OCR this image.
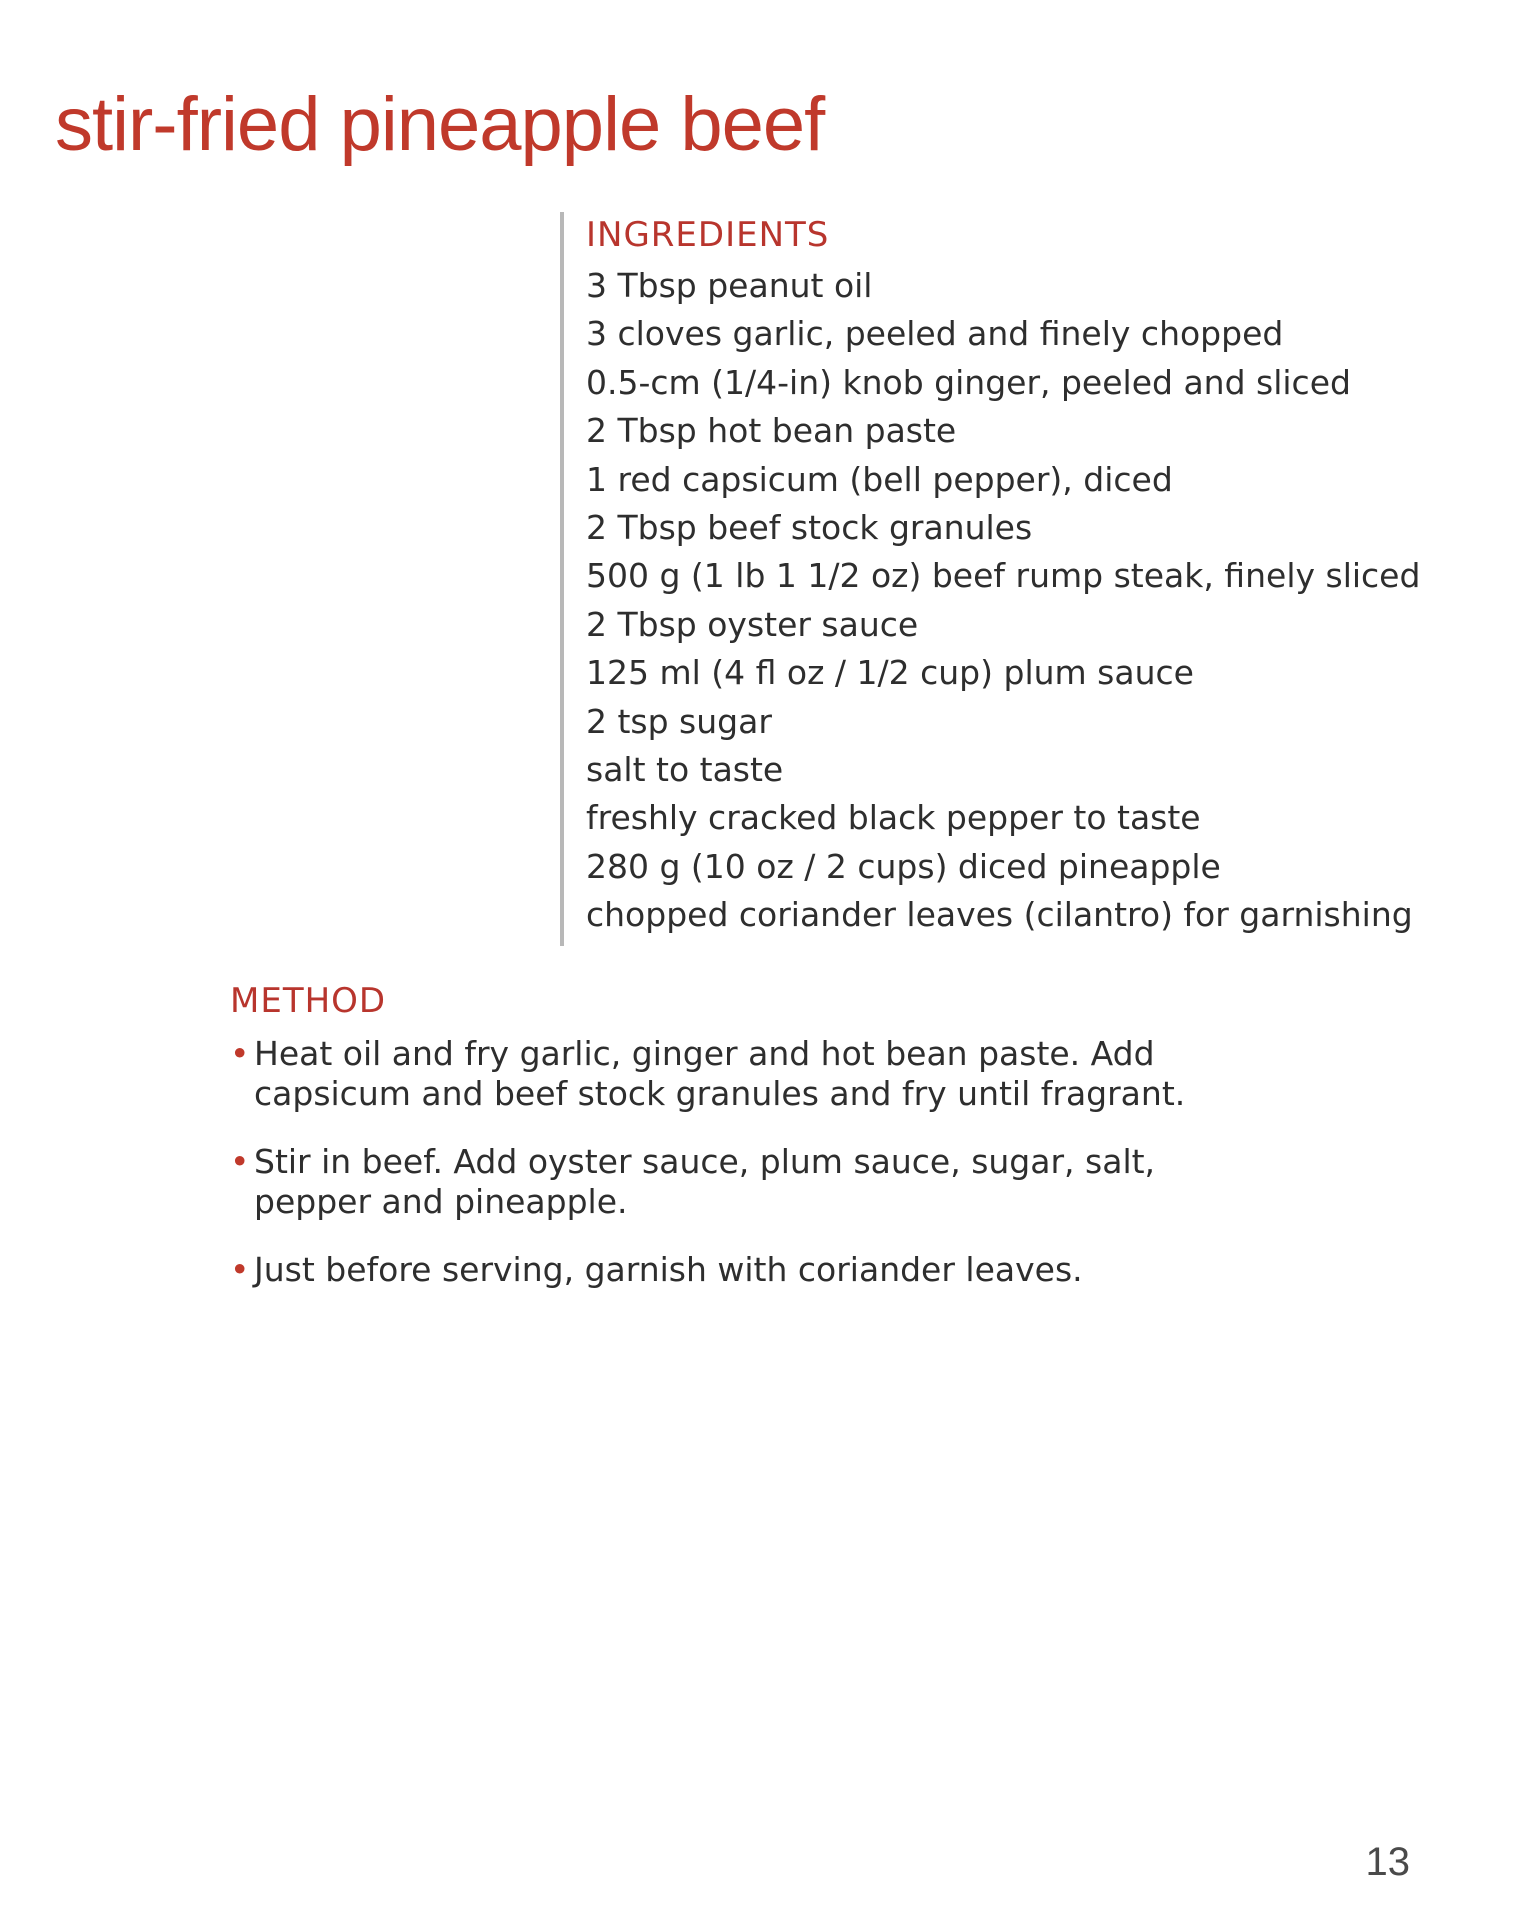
stir-fried pineapple beef
INGREDIENTS
3 Tbsp peanut oil
3 cloves garlic, peeled and finely chopped
0.5-cm (1/4-in) knob ginger, peeled and sliced
2 Tbsp hot bean paste
1 red capsicum (bell pepper), diced
2 Tbsp beef stock granules
500 g (1 lb 1 1/2 oz) beef rump steak, finely sliced
2 Tbsp oyster sauce
125 ml (4 fl oz / 1/2 cup) plum sauce
2 tsp sugar
salt to taste
freshly cracked black pepper to taste
280 g (10 oz / 2 cups) diced pineapple
chopped coriander leaves (cilantro) for garnishing
METHOD
• Heat oil and fry garlic, ginger and hot bean paste. Add capsicum and beef stock granules and fry until fragrant.
• Stir in beef. Add oyster sauce, plum sauce, sugar, salt, pepper and pineapple.
• Just before serving, garnish with coriander leaves.
13
